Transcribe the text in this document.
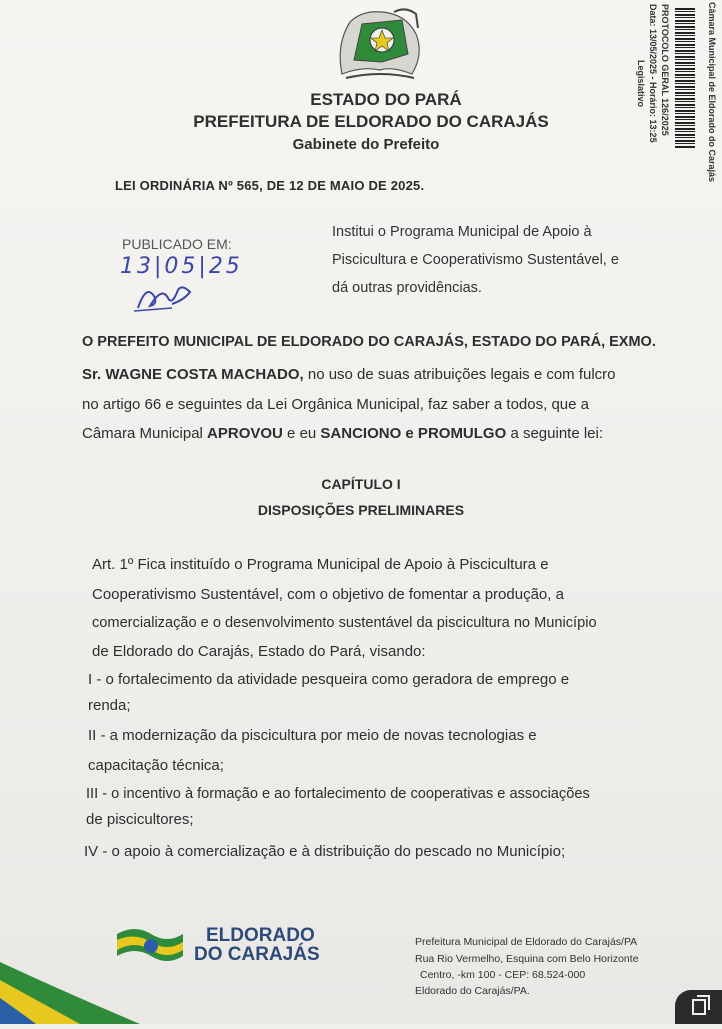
ESTADO DO PARÁ
PREFEITURA DE ELDORADO DO CARAJÁS
Gabinete do Prefeito	Câmara Municipal de Eldorado do Carajás
PROTOCOLO GERAL 126/2025
Data: 13/05/2025 - Horário: 13:25
Legislativo
LEI ORDINÁRIA Nº 565, DE 12 DE MAIO DE 2025.
PUBLICADO EM:
13|05|25
Institui o Programa Municipal de Apoio à
Piscicultura e Cooperativismo Sustentável, e
dá outras providências.
O PREFEITO MUNICIPAL DE ELDORADO DO CARAJÁS, ESTADO DO PARÁ, EXMO.
Sr. WAGNE COSTA MACHADO, no uso de suas atribuições legais e com fulcro
no artigo 66 e seguintes da Lei Orgânica Municipal, faz saber a todos, que a
Câmara Municipal APROVOU e eu SANCIONO e PROMULGO a seguinte lei:
CAPÍTULO I
DISPOSIÇÕES PRELIMINARES
Art. 1º Fica instituído o Programa Municipal de Apoio à Piscicultura e
Cooperativismo Sustentável, com o objetivo de fomentar a produção, a
comercialização e o desenvolvimento sustentável da piscicultura no Município
de Eldorado do Carajás, Estado do Pará, visando:
I - o fortalecimento da atividade pesqueira como geradora de emprego e
renda;
II - a modernização da piscicultura por meio de novas tecnologias e
capacitação técnica;
III - o incentivo à formação e ao fortalecimento de cooperativas e associações
de piscicultores;
IV - o apoio à comercialização e à distribuição do pescado no Município;
ELDORADO
DO CARAJÁS
Prefeitura Municipal de Eldorado do Carajás/PA
Rua Rio Vermelho, Esquina com Belo Horizonte
Centro, -km 100 - CEP: 68.524-000
Eldorado do Carajás/PA.
